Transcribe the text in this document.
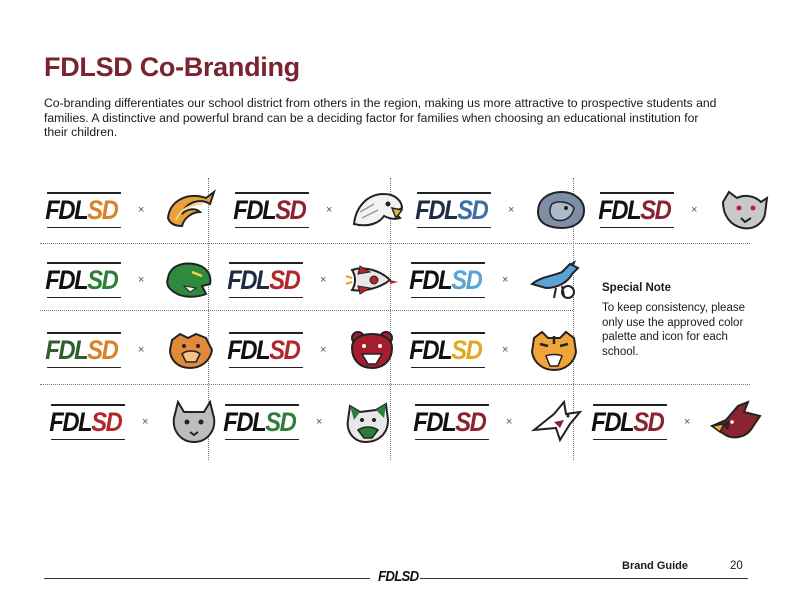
FDLSD Co-Branding

Co-branding differentiates our school district from others in the region, making us more attractive to prospective students and families. A distinctive and powerful brand can be a deciding factor for families when choosing an educational institution for their children.

FDLSD	×	FDLSD	×	FDLSD	×	FDLSD	×
FDLSD	×	FDLSD	×	FDLSD	×
FDLSD	×	FDLSD	×	FDLSD	×
FDLSD	×	FDLSD	×	FDLSD	×	FDLSD	×

Special Note

To keep consistency, please only use the approved color palette and icon for each school.

FDLSD
Brand Guide	20
